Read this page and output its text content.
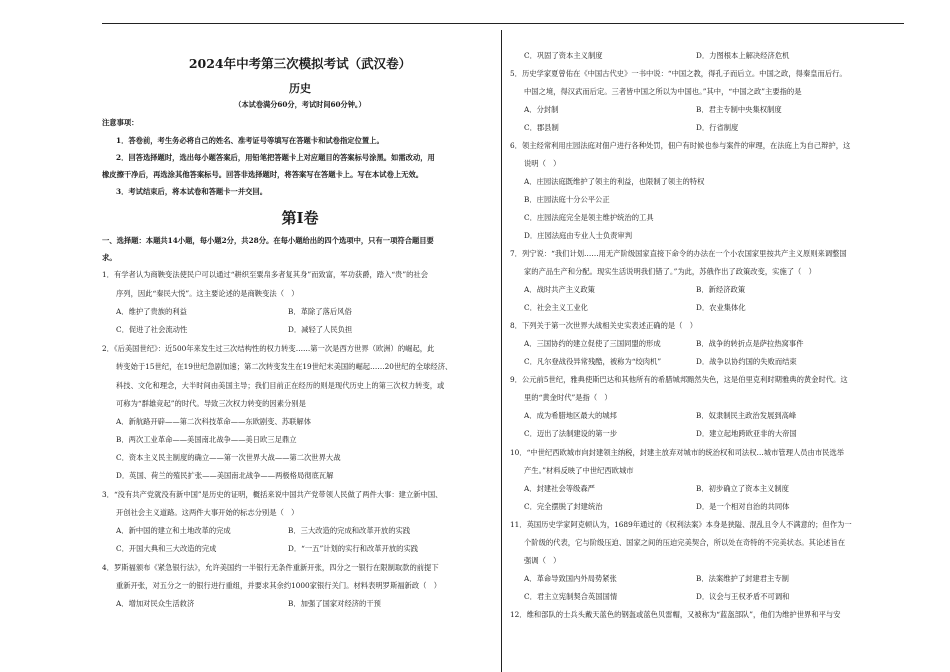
2024年中考第三次模拟考试（武汉卷）
历史
（本试卷满分60分，考试时间60分钟。）
注意事项：
1．答卷前，考生务必将自己的姓名、准考证号等填写在答题卡和试卷指定位置上。
2．回答选择题时，选出每小题答案后，用铅笔把答题卡上对应题目的答案标号涂黑。如需改动，用
橡皮擦干净后，再选涂其他答案标号。回答非选择题时，将答案写在答题卡上。写在本试卷上无效。
3．考试结束后，将本试卷和答题卡一并交回。
第Ⅰ卷
一、选择题：本题共14小题，每小题2分，共28分。在每小题给出的四个选项中，只有一项符合题目要
求。
1．有学者认为商鞅变法使民户可以通过“耕织至粟帛多者复其身”而致富，军功获爵，踏入“贵”的社会
序列，因此“秦民大悦”。这主要论述的是商鞅变法（　）
A．维护了贵族的利益	B．革除了落后风俗
C．促进了社会流动性	D．减轻了人民负担
2．《后美国世纪》：近500年来发生过三次结构性的权力转变……第一次是西方世界（欧洲）的崛起，此
转变始于15世纪，在19世纪急剧加速；第二次转变发生在19世纪末美国的崛起……20世纪的全球经济、
科技、文化和理念，大半时间由美国主导；我们目前正在经历的则是现代历史上的第三次权力转变，或
可称为“群雄竞起”的时代。导致三次权力转变的因素分别是
A．新航路开辟——第二次科技革命——东欧剧变、苏联解体
B．两次工业革命——美国南北战争——美日欧三足鼎立
C．资本主义民主制度的确立——第一次世界大战——第二次世界大战
D．英国、荷兰的殖民扩张——美国南北战争——两极格局彻底瓦解
3．“没有共产党就没有新中国”是历史的证明，概括来说中国共产党带领人民做了两件大事：建立新中国、
开创社会主义道路。这两件大事开始的标志分别是（　）
A．新中国的建立和土地改革的完成	B．三大改造的完成和改革开放的实践
C．开国大典和三大改造的完成	D．“一五”计划的实行和改革开放的实践
4．罗斯福颁布《紧急银行法》，允许美国约一半银行无条件重新开张，四分之一银行在限制取款的前提下
重新开张，对五分之一的银行进行重组，并要求其余约1000家银行关门。材料表明罗斯福新政（　）
A．增加对民众生活救济	B．加强了国家对经济的干预
C．巩固了资本主义制度	D．力图根本上解决经济危机
5．历史学家夏曾佑在《中国古代史》一书中说：“中国之教，得孔子而后立。中国之政，得秦皇而后行。
中国之境，得汉武而后定。三者皆中国之所以为中国也。”其中，“中国之政”主要指的是
A．分封制	B．君主专制中央集权制度
C．郡县制	D．行省制度
6．领主经常利用庄园法庭对佃户进行各种处罚，佃户有时候也参与案件的审理，在法庭上为自己辩护，这
说明（　）
A．庄园法庭既维护了领主的利益，也限制了领主的特权
B．庄园法庭十分公平公正
C．庄园法庭完全是领主维护统治的工具
D．庄园法庭由专业人士负责审判
7．列宁说：“我们计划……用无产阶级国家直接下命令的办法在一个小农国家里按共产主义原则来调整国
家的产品生产和分配。现实生活说明我们错了。”为此，苏俄作出了政策改变，实施了（　）
A．战时共产主义政策	B．新经济政策
C．社会主义工业化	D．农业集体化
8．下列关于第一次世界大战相关史实表述正确的是（　）
A．三国协约的建立促使了三国同盟的形成	B．战争的转折点是萨拉热窝事件
C．凡尔登战役异常残酷，被称为“绞肉机”	D．战争以协约国的失败而结束
9．公元前5世纪，雅典使斯巴达和其他所有的希腊城邦黯然失色，这是伯里克利时期雅典的黄金时代。这
里的“黄金时代”是指（　）
A．成为希腊地区最大的城邦	B．奴隶制民主政治发展到高峰
C．迈出了法制建设的第一步	D．建立起地跨欧亚非的大帝国
10．“中世纪西欧城市向封建领主纳税，封建主放弃对城市的统治权和司法权…城市管理人员由市民选举
产生。”材料反映了中世纪西欧城市
A．封建社会等级森严	B．初步确立了资本主义制度
C．完全摆脱了封建统治	D．是一个相对自治的共同体
11．英国历史学家阿克顿认为，1689年通过的《权利法案》本身是狭隘、混乱且令人不满意的；但作为一
个阶级的代表，它与阶级压迫、国家之间的压迫完美契合，所以处在奇特的不完美状态。其论述旨在
强调（　）
A．革命导致国内外局势紧张	B．法案维护了封建君主专制
C．君主立宪制契合英国国情	D．议会与王权矛盾不可调和
12．维和部队的士兵头戴天蓝色的钢盔或蓝色贝雷帽，又被称为“蓝盔部队”，他们为维护世界和平与安
